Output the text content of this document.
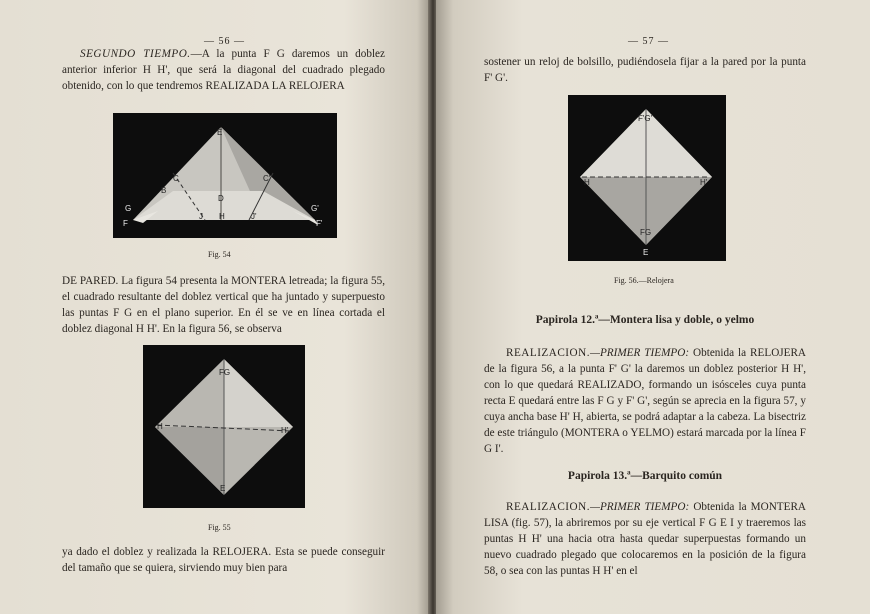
— 56 —

SEGUNDO TIEMPO.—A la punta F G daremos un doblez anterior inferior H H', que será la diagonal del cuadrado plegado obtenido, con lo que tendremos REALIZADA LA RELOJERA

E
G
F
B
D
C
J H	J'
C'
G'
F'
Fig. 54

DE PARED. La figura 54 presenta la MONTERA letreada; la figura 55, el cuadrado resultante del doblez vertical que ha juntado y superpuesto las puntas F G en el plano superior. En él se ve en línea cortada el doblez diagonal H H'. En la figura 56, se observa

FG
H	H'
E
Fig. 55

ya dado el doblez y realizada la RELOJERA. Esta se puede conseguir del tamaño que se quiera, sirviendo muy bien para

— 57 —

sostener un reloj de bolsillo, pudiéndosela fijar a la pared por la punta F' G'.

F'G'
H	H'
FG
E
Fig. 56.—Relojera
Papirola 12.ª—Montera lisa y doble, o yelmo

REALIZACION.—PRIMER TIEMPO: Obtenida la RELOJERA de la figura 56, a la punta F' G' la daremos un doblez posterior H H', con lo que quedará REALIZADO, formando un isósceles cuya punta recta E quedará entre las F G y F' G', según se aprecia en la figura 57, y cuya ancha base H' H, abierta, se podrá adaptar a la cabeza. La bisectriz de este triángulo (MONTERA o YELMO) estará marcada por la línea F G I'.

Papirola 13.ª—Barquito común

REALIZACION.—PRIMER TIEMPO: Obtenida la MONTERA LISA (fig. 57), la abriremos por su eje vertical F G E I y traeremos las puntas H H' una hacia otra hasta quedar superpuestas formando un nuevo cuadrado plegado que colocaremos en la posición de la figura 58, o sea con las puntas H H' en el
